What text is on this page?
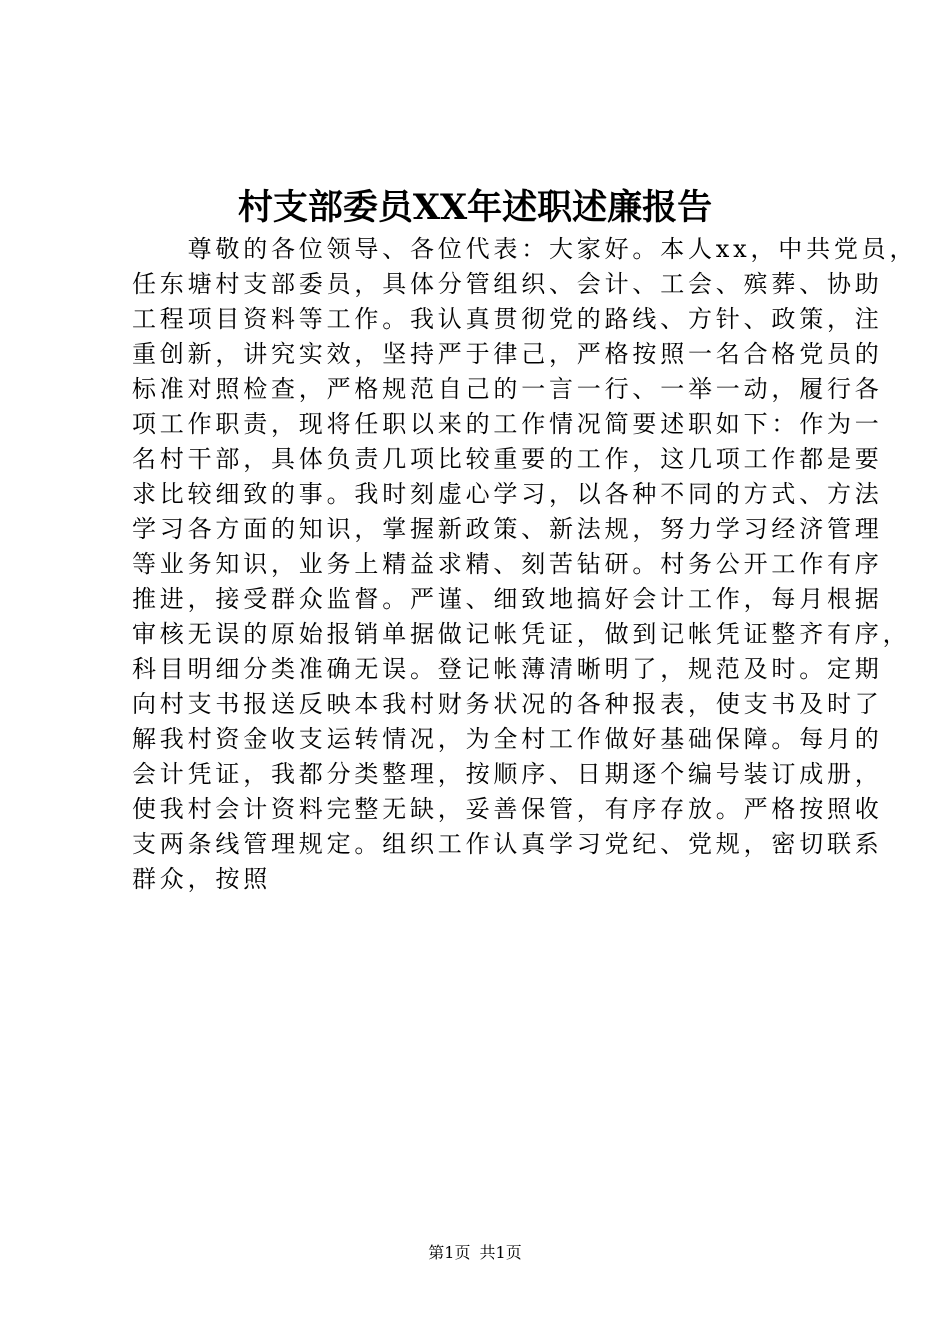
村支部委员XX年述职述廉报告
　　尊敬的各位领导、各位代表：大家好。本人xx，中共党员，
任东塘村支部委员，具体分管组织、会计、工会、殡葬、协助
工程项目资料等工作。我认真贯彻党的路线、方针、政策，注
重创新，讲究实效，坚持严于律己，严格按照一名合格党员的
标准对照检查，严格规范自己的一言一行、一举一动，履行各
项工作职责，现将任职以来的工作情况简要述职如下：作为一
名村干部，具体负责几项比较重要的工作，这几项工作都是要
求比较细致的事。我时刻虚心学习，以各种不同的方式、方法
学习各方面的知识，掌握新政策、新法规，努力学习经济管理
等业务知识，业务上精益求精、刻苦钻研。村务公开工作有序
推进，接受群众监督。严谨、细致地搞好会计工作，每月根据
审核无误的原始报销单据做记帐凭证，做到记帐凭证整齐有序，
科目明细分类准确无误。登记帐薄清晰明了，规范及时。定期
向村支书报送反映本我村财务状况的各种报表，使支书及时了
解我村资金收支运转情况，为全村工作做好基础保障。每月的
会计凭证，我都分类整理，按顺序、日期逐个编号装订成册，
使我村会计资料完整无缺，妥善保管，有序存放。严格按照收
支两条线管理规定。组织工作认真学习党纪、党规，密切联系
群众，按照
第1页 共1页
